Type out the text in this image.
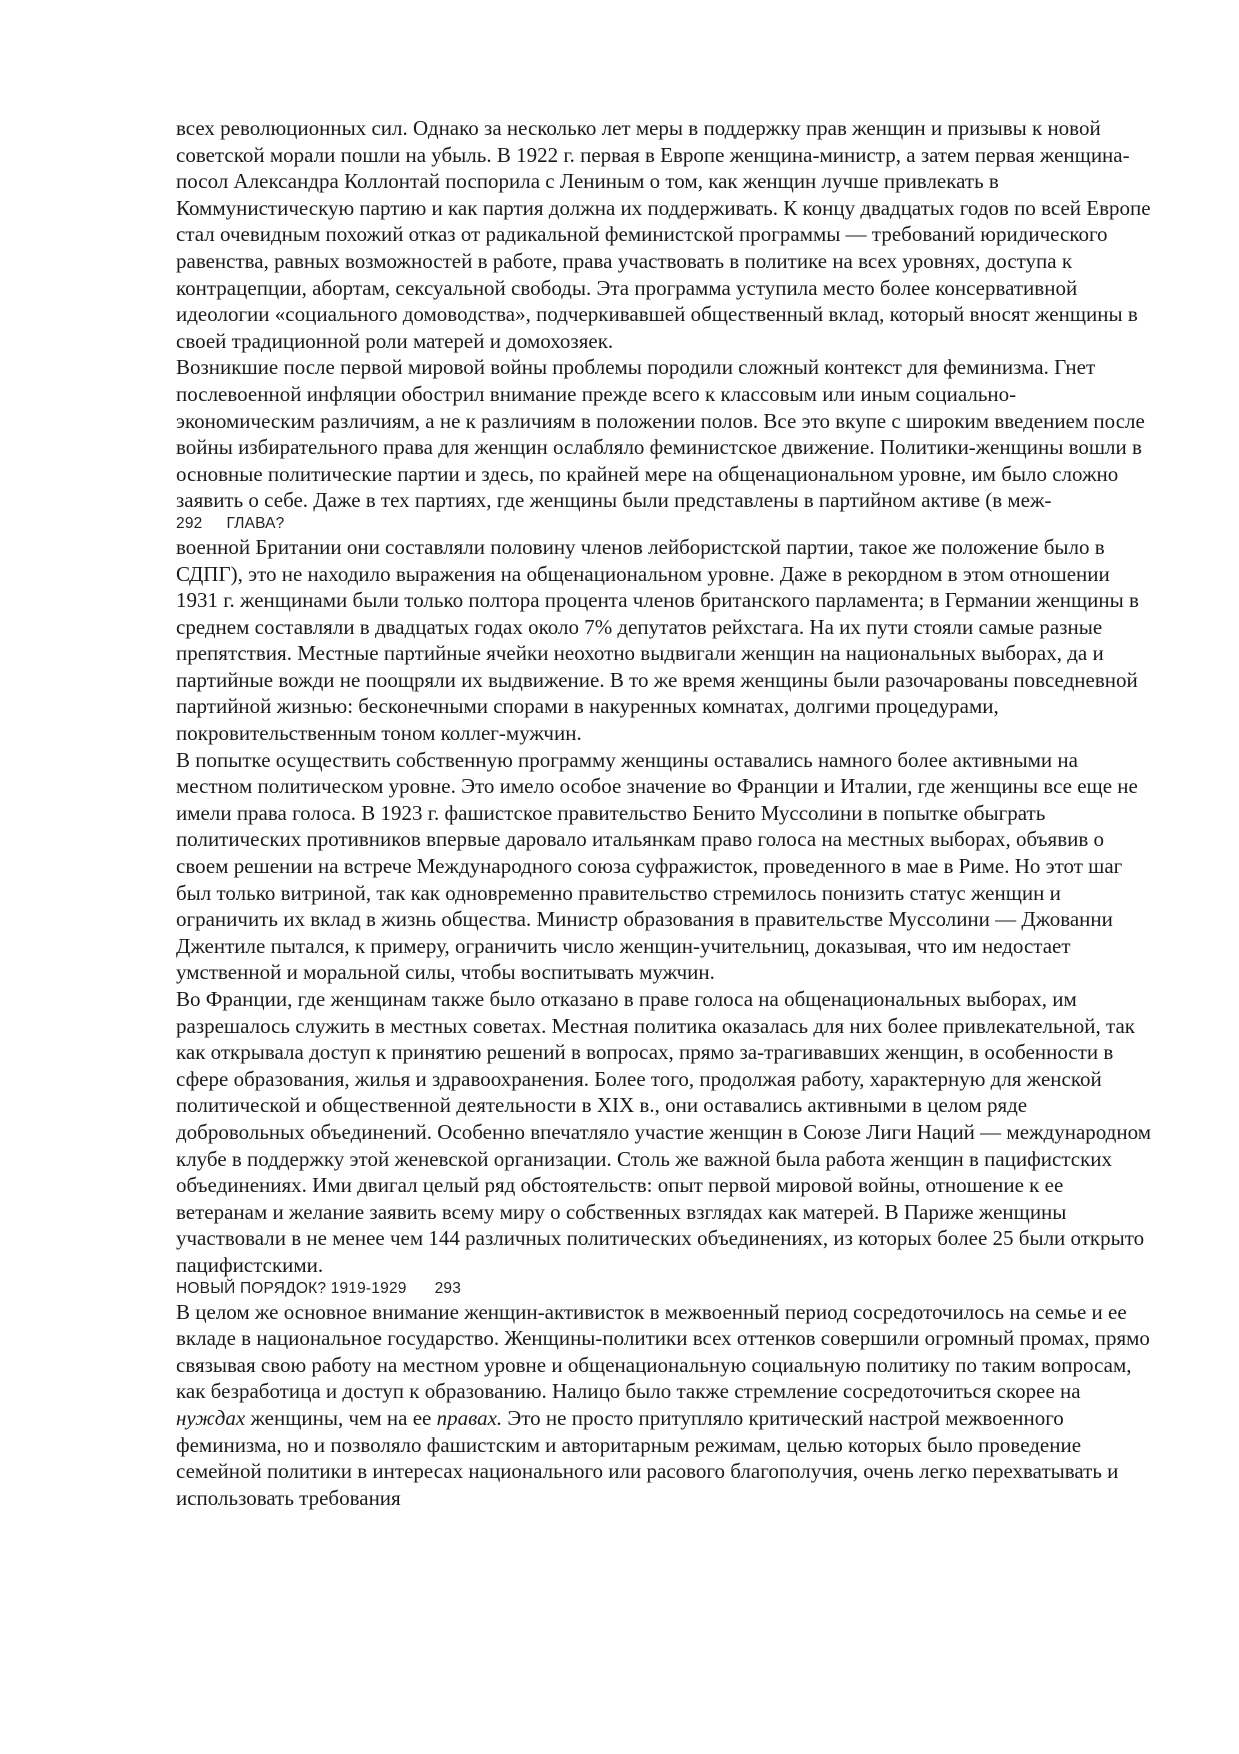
всех революционных сил. Однако за несколько лет меры в поддержку прав женщин и призывы к новой советской морали пошли на убыль. В 1922 г. первая в Европе женщина-министр, а затем первая женщина-посол Александра Коллонтай поспорила с Лениным о том, как женщин лучше привлекать в Коммунистическую партию и как партия должна их поддерживать. К концу двадцатых годов по всей Европе стал очевидным похожий отказ от радикальной феминистской программы — требований юридического равенства, равных возможностей в работе, права участвовать в политике на всех уровнях, доступа к контрацепции, абортам, сексуальной свободы. Эта программа уступила место более консервативной идеологии «социального домоводства», подчеркивавшей общественный вклад, который вносят женщины в своей традиционной роли матерей и домохозяек.

Возникшие после первой мировой войны проблемы породили сложный контекст для феминизма. Гнет послевоенной инфляции обострил внимание прежде всего к классовым или иным социально-экономическим различиям, а не к различиям в положении полов. Все это вкупе с широким введением после войны избирательного права для женщин ослабляло феминистское движение. Политики-женщины вошли в основные политические партии и здесь, по крайней мере на общенациональном уровне, им было сложно заявить о себе. Даже в тех партиях, где женщины были представлены в партийном активе (в меж-

292 ГЛАВА?

военной Британии они составляли половину членов лейбористской партии, такое же положение было в СДПГ), это не находило выражения на общенациональном уровне. Даже в рекордном в этом отношении 1931 г. женщинами были только полтора процента членов британского парламента; в Германии женщины в среднем составляли в двадцатых годах около 7% депутатов рейхстага. На их пути стояли самые разные препятствия. Местные партийные ячейки неохотно выдвигали женщин на национальных выборах, да и партийные вожди не поощряли их выдвижение. В то же время женщины были разочарованы повседневной партийной жизнью: бесконечными спорами в накуренных комнатах, долгими процедурами, покровительственным тоном коллег-мужчин.

В попытке осуществить собственную программу женщины оставались намного более активными на местном политическом уровне. Это имело особое значение во Франции и Италии, где женщины все еще не имели права голоса. В 1923 г. фашистское правительство Бенито Муссолини в попытке обыграть политических противников впервые даровало итальянкам право голоса на местных выборах, объявив о своем решении на встрече Международного союза суфражисток, проведенного в мае в Риме. Но этот шаг был только витриной, так как одновременно правительство стремилось понизить статус женщин и ограничить их вклад в жизнь общества. Министр образования в правительстве Муссолини — Джованни Джентиле пытался, к примеру, ограничить число женщин-учительниц, доказывая, что им недостает умственной и моральной силы, чтобы воспитывать мужчин.

Во Франции, где женщинам также было отказано в праве голоса на общенациональных выборах, им разрешалось служить в местных советах. Местная политика оказалась для них более привлекательной, так как открывала доступ к принятию решений в вопросах, прямо за-трагивавших женщин, в особенности в сфере образования, жилья и здравоохранения. Более того, продолжая работу, характерную для женской политической и общественной деятельности в XIX в., они оставались активными в целом ряде добровольных объединений. Особенно впечатляло участие женщин в Союзе Лиги Наций — международном клубе в поддержку этой женевской организации. Столь же важной была работа женщин в пацифистских объединениях. Ими двигал целый ряд обстоятельств: опыт первой мировой войны, отношение к ее ветеранам и желание заявить всему миру о собственных взглядах как матерей. В Париже женщины участвовали в не менее чем 144 различных политических объединениях, из которых более 25 были открыто пацифистскими.

НОВЫЙ ПОРЯДОК? 1919-1929 293

В целом же основное внимание женщин-активисток в межвоенный период сосредоточилось на семье и ее вкладе в национальное государство. Женщины-политики всех оттенков совершили огромный промах, прямо связывая свою работу на местном уровне и общенациональную социальную политику по таким вопросам, как безработица и доступ к образованию. Налицо было также стремление сосредоточиться скорее на нуждах женщины, чем на ее правах. Это не просто притупляло критический настрой межвоенного феминизма, но и позволяло фашистским и авторитарным режимам, целью которых было проведение семейной политики в интересах национального или расового благополучия, очень легко перехватывать и использовать требования
